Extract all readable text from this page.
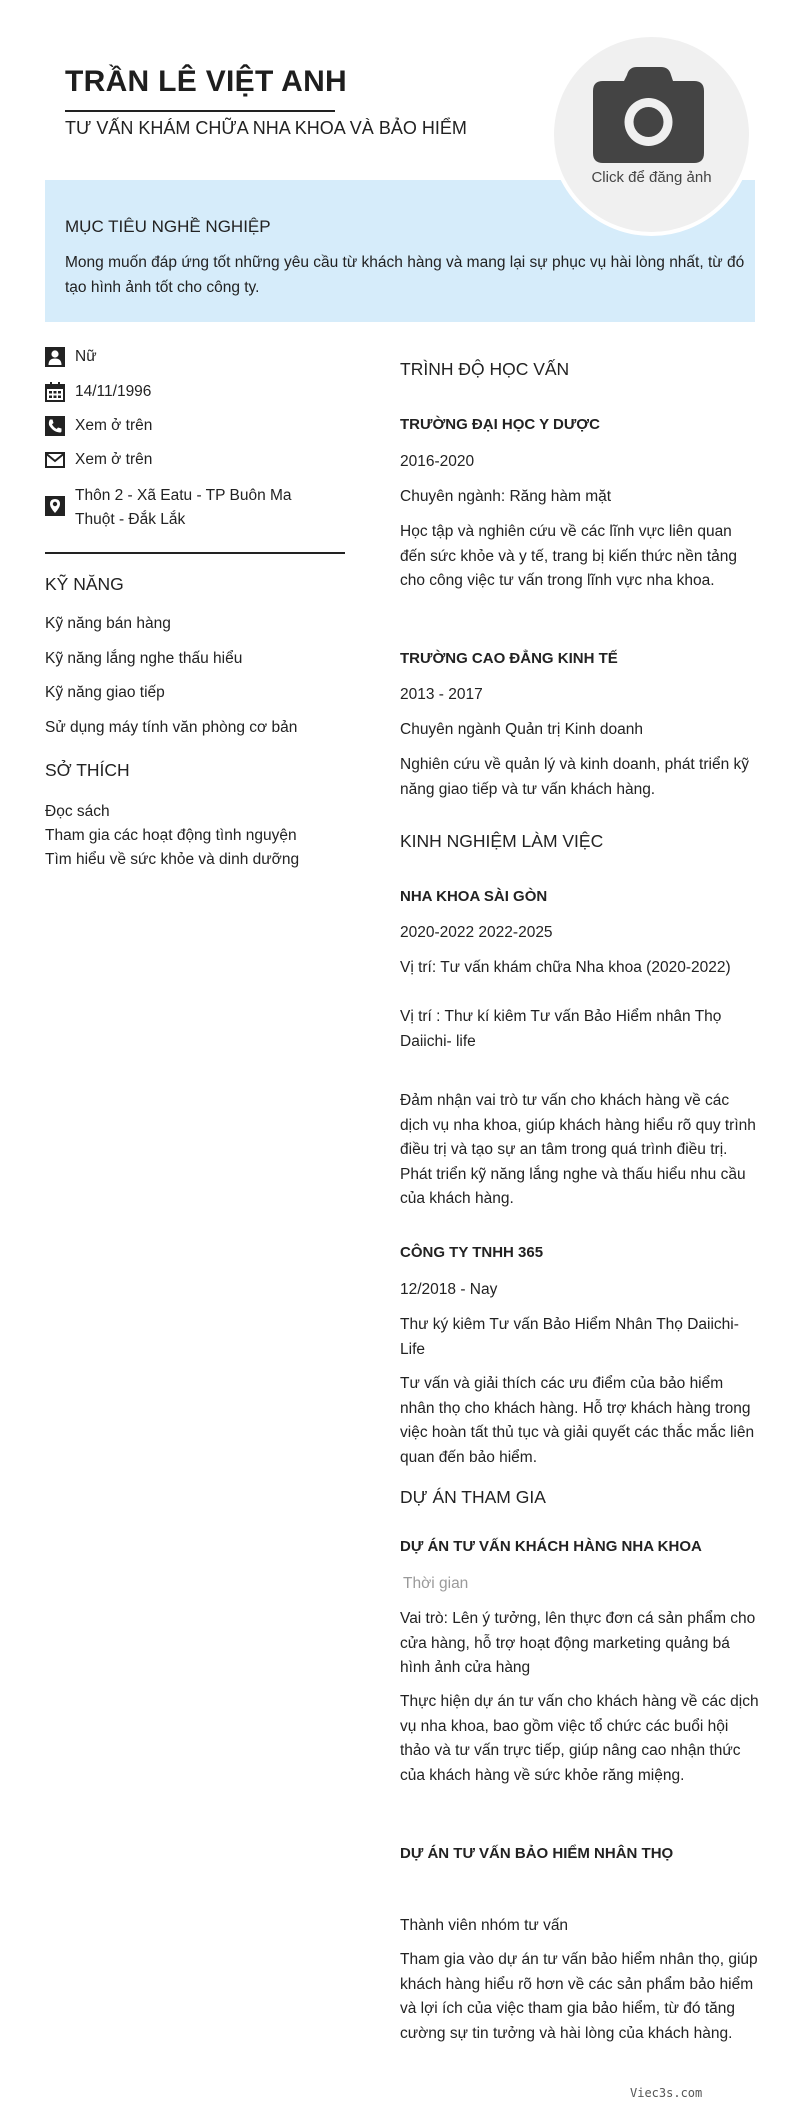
TRẦN LÊ VIỆT ANH
TƯ VẤN KHÁM CHỮA NHA KHOA VÀ BẢO HIỂM
Click để đăng ảnh
MỤC TIÊU NGHỀ NGHIỆP
Mong muốn đáp ứng tốt những yêu cầu từ khách hàng và mang lại sự phục vụ hài lòng nhất, từ đó tạo hình ảnh tốt cho công ty.
Nữ
14/11/1996
Xem ở trên
Xem ở trên
Thôn 2 - Xã Eatu - TP Buôn Ma Thuột - Đắk Lắk
KỸ NĂNG
Kỹ năng bán hàng
Kỹ năng lắng nghe thấu hiểu
Kỹ năng giao tiếp
Sử dụng máy tính văn phòng cơ bản
SỞ THÍCH
Đọc sách
Tham gia các hoạt động tình nguyện
Tìm hiểu về sức khỏe và dinh dưỡng
TRÌNH ĐỘ HỌC VẤN
TRƯỜNG ĐẠI HỌC Y DƯỢC
2016-2020
Chuyên ngành: Răng hàm mặt
Học tập và nghiên cứu về các lĩnh vực liên quan đến sức khỏe và y tế, trang bị kiến thức nền tảng cho công việc tư vấn trong lĩnh vực nha khoa.
TRƯỜNG CAO ĐẲNG KINH TẾ
2013 - 2017
Chuyên ngành Quản trị Kinh doanh
Nghiên cứu về quản lý và kinh doanh, phát triển kỹ năng giao tiếp và tư vấn khách hàng.
KINH NGHIỆM LÀM VIỆC
NHA KHOA SÀI GÒN
2020-2022 2022-2025
Vị trí: Tư vấn khám chữa Nha khoa (2020-2022)
Vị trí : Thư kí kiêm Tư vấn Bảo Hiểm nhân Thọ Daiichi- life
Đảm nhận vai trò tư vấn cho khách hàng về các dịch vụ nha khoa, giúp khách hàng hiểu rõ quy trình điều trị và tạo sự an tâm trong quá trình điều trị. Phát triển kỹ năng lắng nghe và thấu hiểu nhu cầu của khách hàng.
CÔNG TY TNHH 365
12/2018 - Nay
Thư ký kiêm Tư vấn Bảo Hiểm Nhân Thọ Daiichi-Life
Tư vấn và giải thích các ưu điểm của bảo hiểm nhân thọ cho khách hàng. Hỗ trợ khách hàng trong việc hoàn tất thủ tục và giải quyết các thắc mắc liên quan đến bảo hiểm.
DỰ ÁN THAM GIA
DỰ ÁN TƯ VẤN KHÁCH HÀNG NHA KHOA
Thời gian
Vai trò: Lên ý tưởng, lên thực đơn cá sản phẩm cho cửa hàng, hỗ trợ hoạt động marketing quảng bá hình ảnh cửa hàng
Thực hiện dự án tư vấn cho khách hàng về các dịch vụ nha khoa, bao gồm việc tổ chức các buổi hội thảo và tư vấn trực tiếp, giúp nâng cao nhận thức của khách hàng về sức khỏe răng miệng.
DỰ ÁN TƯ VẤN BẢO HIỂM NHÂN THỌ
Thành viên nhóm tư vấn
Tham gia vào dự án tư vấn bảo hiểm nhân thọ, giúp khách hàng hiểu rõ hơn về các sản phẩm bảo hiểm và lợi ích của việc tham gia bảo hiểm, từ đó tăng cường sự tin tưởng và hài lòng của khách hàng.
Viec3s.com
